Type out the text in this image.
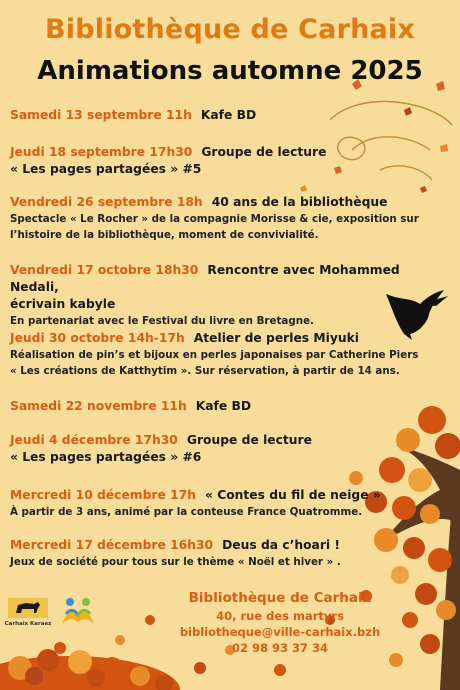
Bibliothèque de Carhaix
Animations automne 2025
Samedi 13 septembre 11h Kafe BD
Jeudi 18 septembre 17h30 Groupe de lecture
« Les pages partagées » #5
Vendredi 26 septembre 18h 40 ans de la bibliothèque
Spectacle « Le Rocher » de la compagnie Morisse & cie, exposition sur
l’histoire de la bibliothèque, moment de convivialité.
Vendredi 17 octobre 18h30 Rencontre avec Mohammed Nedali,
écrivain kabyle
En partenariat avec le Festival du livre en Bretagne.
Jeudi 30 octobre 14h-17h Atelier de perles Miyuki
Réalisation de pin’s et bijoux en perles japonaises par Catherine Piers
« Les créations de Katthytim ». Sur réservation, à partir de 14 ans.
Samedi 22 novembre 11h Kafe BD
Jeudi 4 décembre 17h30 Groupe de lecture
« Les pages partagées » #6
Mercredi 10 décembre 17h « Contes du fil de neige »
À partir de 3 ans, animé par la conteuse France Quatromme.
Mercredi 17 décembre 16h30 Deus da c’hoari !
Jeux de société pour tous sur le thème « Noël et hiver » .
Carhaix Karaez
Bibliothèque de Carhaix
40, rue des martyrs
bibliotheque@ville-carhaix.bzh
02 98 93 37 34
